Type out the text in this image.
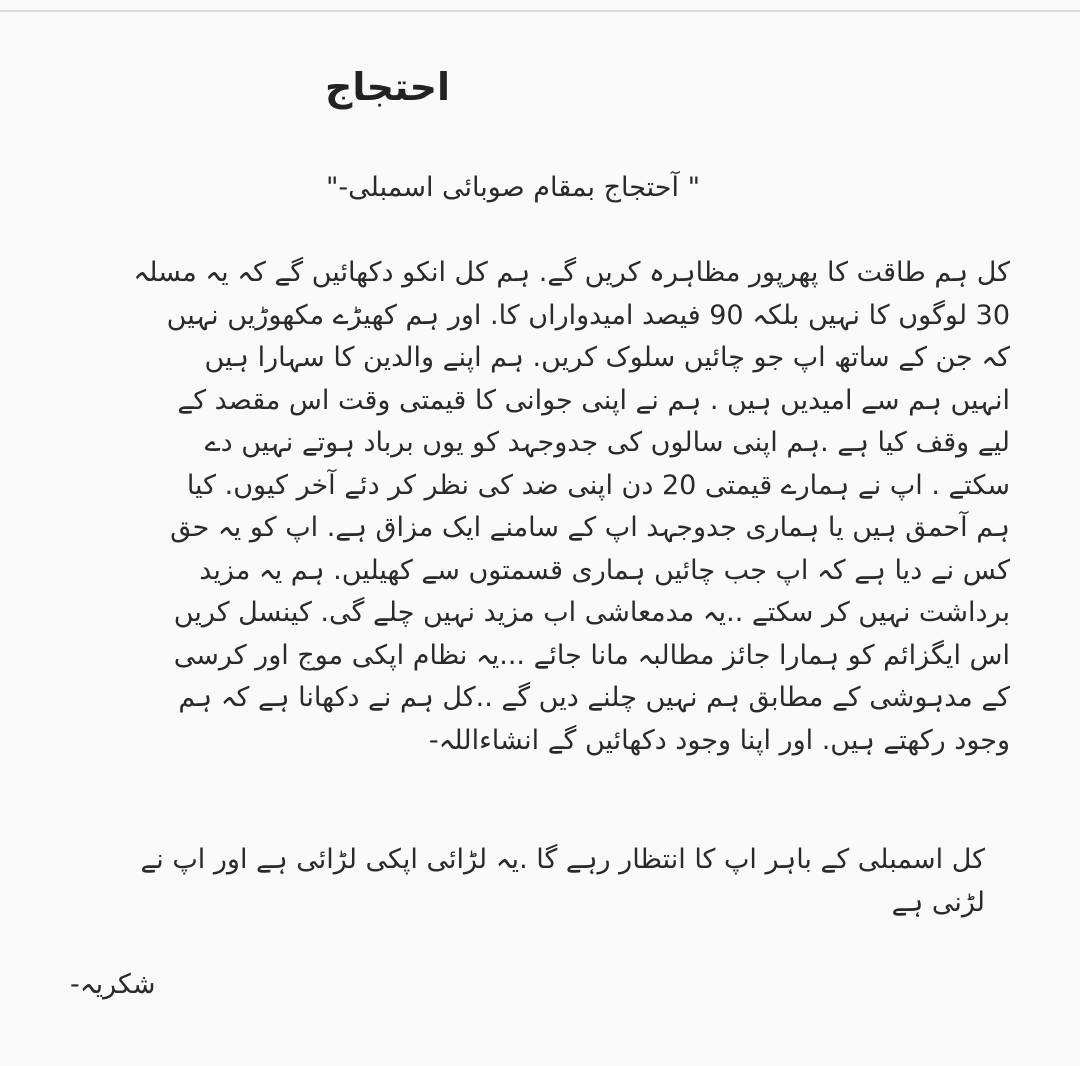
احتجاج
" آحتجاج بمقام صوبائی اسمبلی-"
کل ہم طاقت کا پھرپور مظاہرہ کریں گے. ہم کل انکو دکھائیں گے کہ یہ مسلہ
30 لوگوں کا نہیں بلکہ 90 فیصد امیدواراں کا. اور ہم کھیڑے مکھوڑیں نہیں
کہ جن کے ساتھ اپ جو چائیں سلوک کریں. ہم اپنے والدین کا سہارا ہیں
انہیں ہم سے امیدیں ہیں . ہم نے اپنی جوانی کا قیمتی وقت اس مقصد کے
لیے وقف کیا ہے .ہم اپنی سالوں کی جدوجہد کو یوں برباد ہوتے نہیں دے
سکتے . اپ نے ہمارے قیمتی 20 دن اپنی ضد کی نظر کر دئے آخر کیوں. کیا
ہم آحمق ہیں یا ہماری جدوجہد اپ کے سامنے ایک مزاق ہے. اپ کو یہ حق
کس نے دیا ہے کہ اپ جب چائیں ہماری قسمتوں سے کھیلیں. ہم یہ مزید
برداشت نہیں کر سکتے ..یہ مدمعاشی اب مزید نہیں چلے گی. کینسل کریں
اس ایگزائم کو ہمارا جائز مطالبہ مانا جائے ...یہ نظام اپکی موج اور کرسی
کے مدہوشی کے مطابق ہم نہیں چلنے دیں گے ..کل ہم نے دکھانا ہے کہ ہم
وجود رکھتے ہیں. اور اپنا وجود دکھائیں گے انشاءاللہ-
کل اسمبلی کے باہر اپ کا انتظار رہے گا .یہ لڑائی اپکی لڑائی ہے اور اپ نے
لڑنی ہے
شکریہ-
